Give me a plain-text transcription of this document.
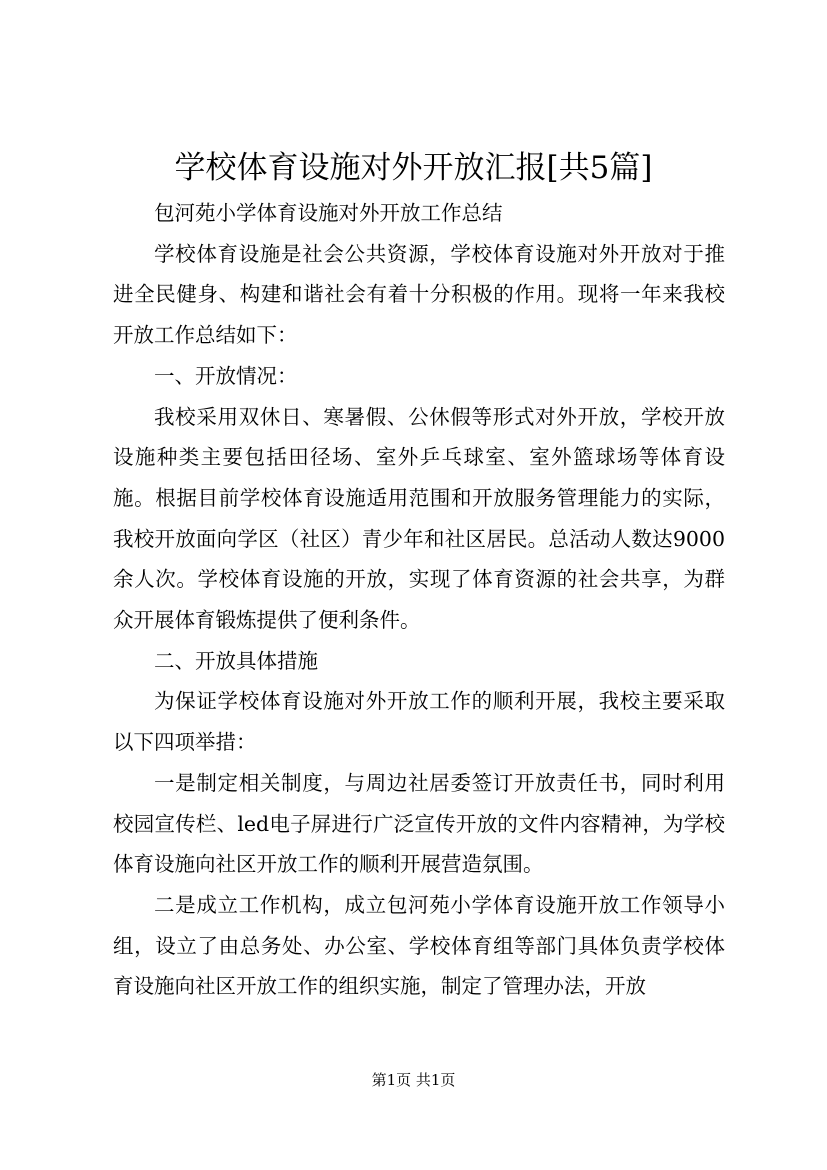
学校体育设施对外开放汇报[共5篇]

包河苑小学体育设施对外开放工作总结

学校体育设施是社会公共资源，学校体育设施对外开放对于推进全民健身、构建和谐社会有着十分积极的作用。现将一年来我校开放工作总结如下：

一、开放情况：

我校采用双休日、寒暑假、公休假等形式对外开放，学校开放设施种类主要包括田径场、室外乒乓球室、室外篮球场等体育设施。根据目前学校体育设施适用范围和开放服务管理能力的实际，我校开放面向学区（社区）青少年和社区居民。总活动人数达9000余人次。学校体育设施的开放，实现了体育资源的社会共享，为群众开展体育锻炼提供了便利条件。

二、开放具体措施

为保证学校体育设施对外开放工作的顺利开展，我校主要采取以下四项举措：

一是制定相关制度，与周边社居委签订开放责任书，同时利用校园宣传栏、led电子屏进行广泛宣传开放的文件内容精神，为学校体育设施向社区开放工作的顺利开展营造氛围。

二是成立工作机构，成立包河苑小学体育设施开放工作领导小组，设立了由总务处、办公室、学校体育组等部门具体负责学校体育设施向社区开放工作的组织实施，制定了管理办法，开放

第1页 共1页
